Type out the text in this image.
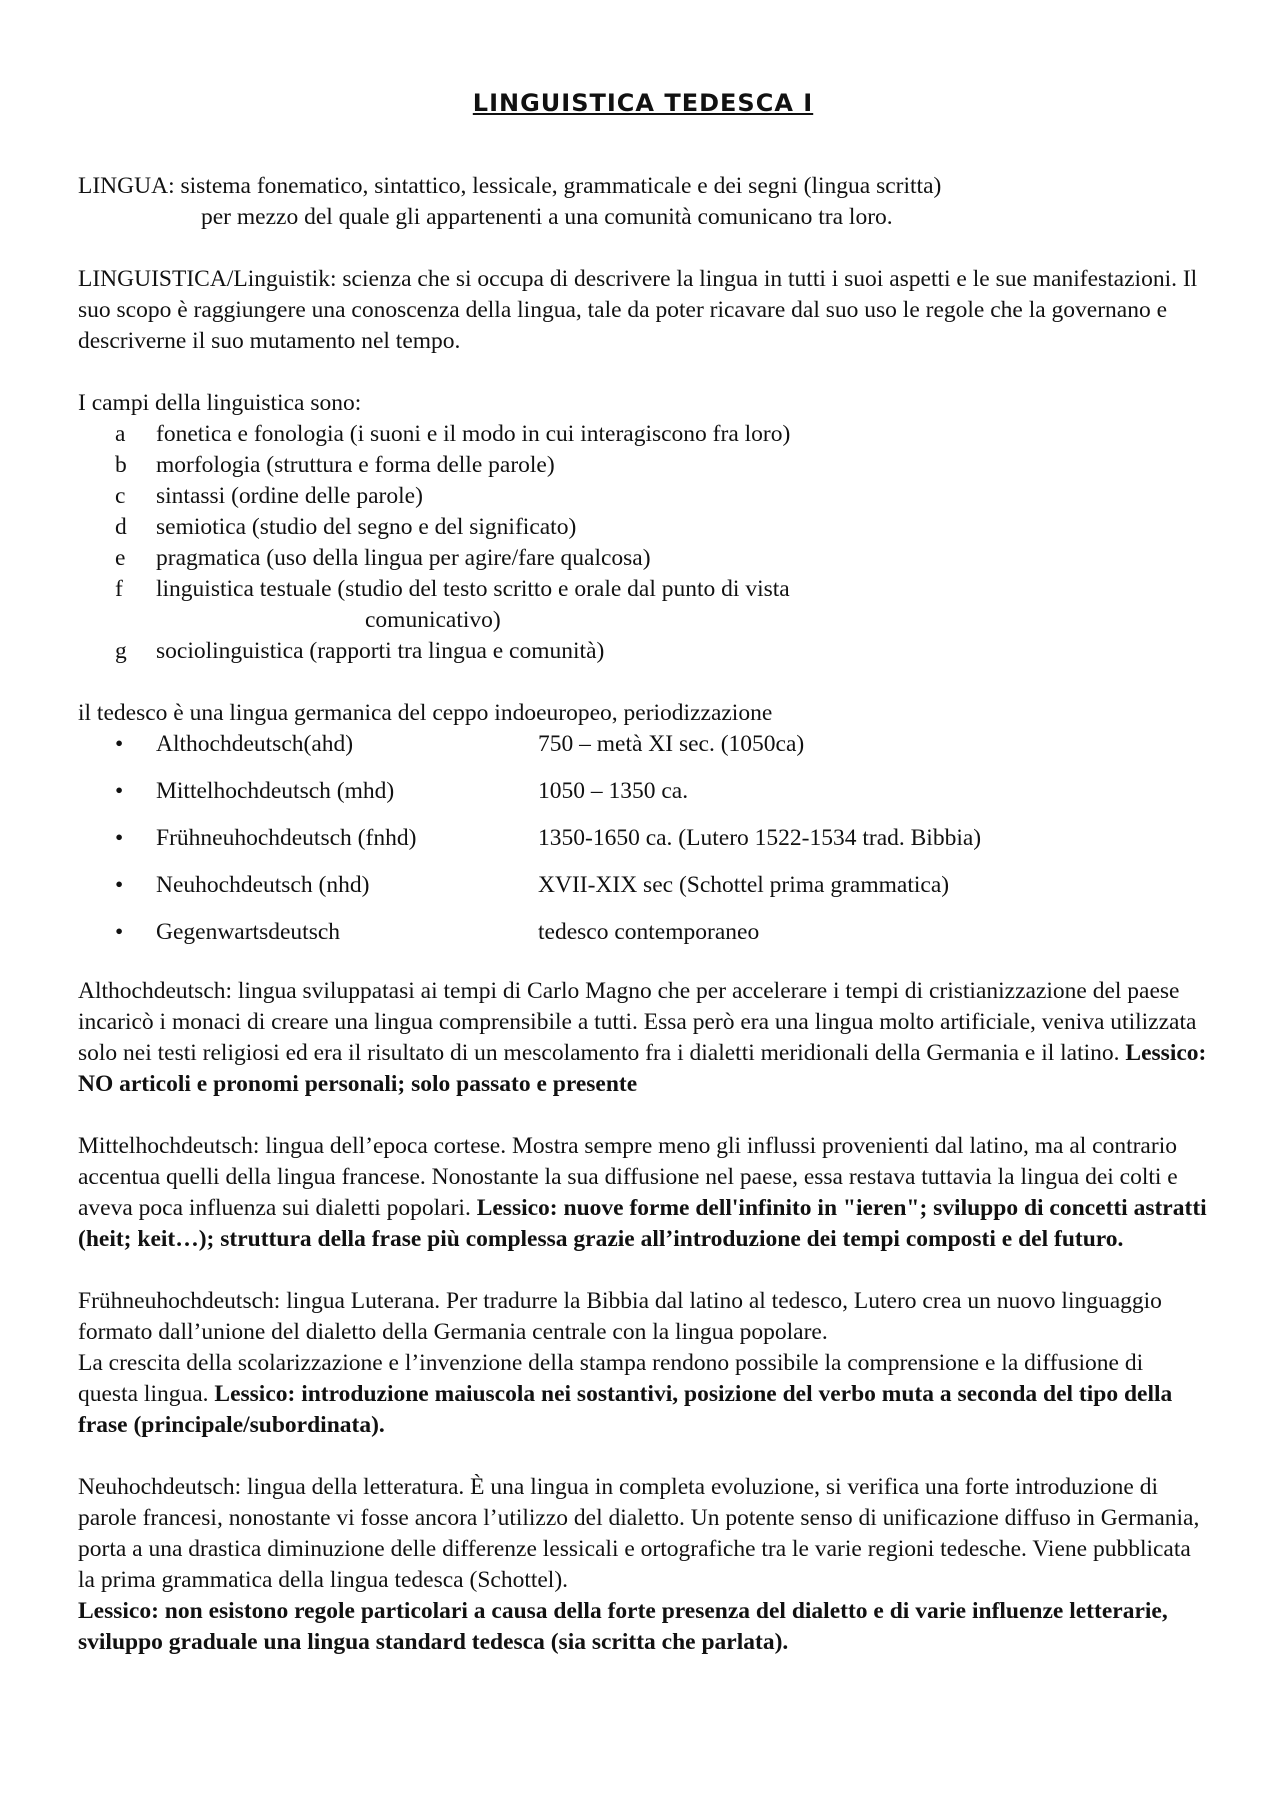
LINGUISTICA TEDESCA I
LINGUA: sistema fonematico, sintattico, lessicale, grammaticale e dei segni (lingua scritta)
per mezzo del quale gli appartenenti a una comunità comunicano tra loro.

LINGUISTICA/Linguistik: scienza che si occupa di descrivere la lingua in tutti i suoi aspetti e le sue manifestazioni. Il suo scopo è raggiungere una conoscenza della lingua, tale da poter ricavare dal suo uso le regole che la governano e descriverne il suo mutamento nel tempo.

I campi della linguistica sono:

a	fonetica e fonologia (i suoni e il modo in cui interagiscono fra loro)
b	morfologia (struttura e forma delle parole)
c	sintassi (ordine delle parole)
d	semiotica (studio del segno e del significato)
e	pragmatica (uso della lingua per agire/fare qualcosa)
f	linguistica testuale (studio del testo scritto e orale dal punto di vista
comunicativo)
g	sociolinguistica (rapporti tra lingua e comunità)

il tedesco è una lingua germanica del ceppo indoeuropeo, periodizzazione

•	Althochdeutsch(ahd)	750 – metà XI sec. (1050ca)
•	Mittelhochdeutsch (mhd)	1050 – 1350 ca.
•	Frühneuhochdeutsch (fnhd)	1350-1650 ca. (Lutero 1522-1534 trad. Bibbia)
•	Neuhochdeutsch (nhd)	XVII-XIX sec (Schottel prima grammatica)
•	Gegenwartsdeutsch	tedesco contemporaneo

Althochdeutsch: lingua sviluppatasi ai tempi di Carlo Magno che per accelerare i tempi di cristianizzazione del paese incaricò i monaci di creare una lingua comprensibile a tutti. Essa però era una lingua molto artificiale, veniva utilizzata solo nei testi religiosi ed era il risultato di un mescolamento fra i dialetti meridionali della Germania e il latino. Lessico: NO articoli e pronomi personali; solo passato e presente

Mittelhochdeutsch: lingua dell’epoca cortese. Mostra sempre meno gli influssi provenienti dal latino, ma al contrario accentua quelli della lingua francese. Nonostante la sua diffusione nel paese, essa restava tuttavia la lingua dei colti e aveva poca influenza sui dialetti popolari. Lessico: nuove forme dell'infinito in "ieren"; sviluppo di concetti astratti (heit; keit…); struttura della frase più complessa grazie all’introduzione dei tempi composti e del futuro.

Frühneuhochdeutsch: lingua Luterana. Per tradurre la Bibbia dal latino al tedesco, Lutero crea un nuovo linguaggio formato dall’unione del dialetto della Germania centrale con la lingua popolare.

La crescita della scolarizzazione e l’invenzione della stampa rendono possibile la comprensione e la diffusione di questa lingua. Lessico: introduzione maiuscola nei sostantivi, posizione del verbo muta a seconda del tipo della frase (principale/subordinata).

Neuhochdeutsch: lingua della letteratura. È una lingua in completa evoluzione, si verifica una forte introduzione di parole francesi, nonostante vi fosse ancora l’utilizzo del dialetto. Un potente senso di unificazione diffuso in Germania, porta a una drastica diminuzione delle differenze lessicali e ortografiche tra le varie regioni tedesche. Viene pubblicata la prima grammatica della lingua tedesca (Schottel).

Lessico: non esistono regole particolari a causa della forte presenza del dialetto e di varie influenze letterarie, sviluppo graduale una lingua standard tedesca (sia scritta che parlata).
